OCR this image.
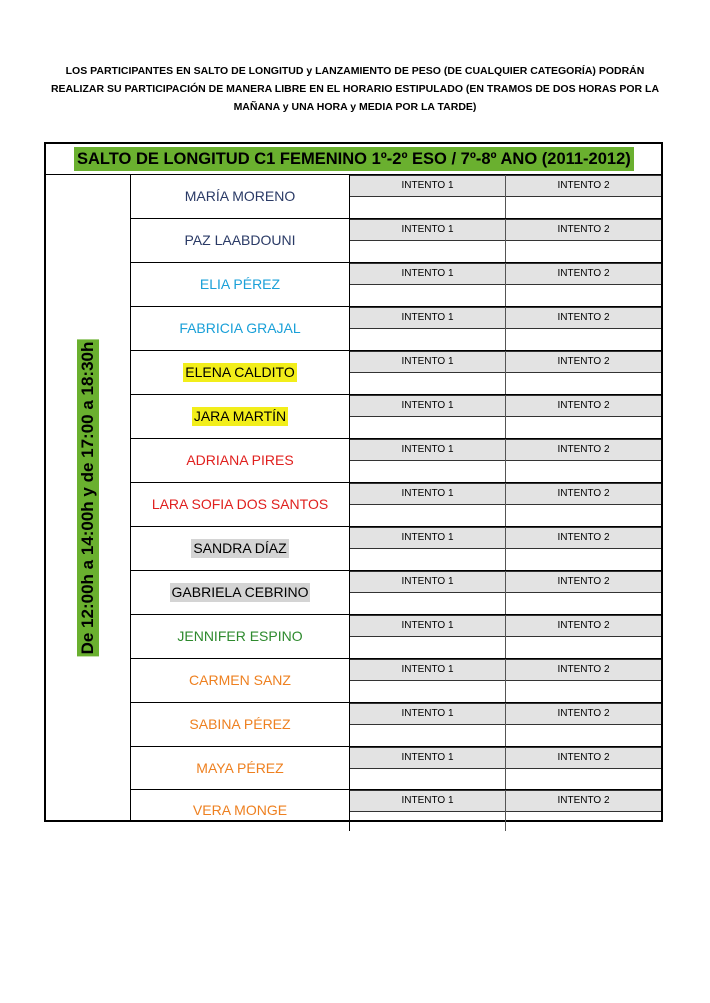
LOS PARTICIPANTES EN SALTO DE LONGITUD y LANZAMIENTO DE PESO (DE CUALQUIER CATEGORÍA) PODRÁN
REALIZAR SU PARTICIPACIÓN DE MANERA LIBRE EN EL HORARIO ESTIPULADO (EN TRAMOS DE DOS HORAS POR LA
MAÑANA y UNA HORA y MEDIA POR LA TARDE)
SALTO DE LONGITUD C1 FEMENINO 1º-2º ESO / 7º-8º ANO (2011-2012)
De 12:00h a 14:00h y de 17:00 a 18:30h
MARÍA MORENO
INTENTO 1	INTENTO 2
PAZ LAABDOUNI
INTENTO 1	INTENTO 2
ELIA PÉREZ
INTENTO 1	INTENTO 2
FABRICIA GRAJAL
INTENTO 1	INTENTO 2
ELENA CALDITO
INTENTO 1	INTENTO 2
JARA MARTÍN
INTENTO 1	INTENTO 2
ADRIANA PIRES
INTENTO 1	INTENTO 2
LARA SOFIA DOS SANTOS
INTENTO 1	INTENTO 2
SANDRA DÍAZ
INTENTO 1	INTENTO 2
GABRIELA CEBRINO
INTENTO 1	INTENTO 2
JENNIFER ESPINO
INTENTO 1	INTENTO 2
CARMEN SANZ
INTENTO 1	INTENTO 2
SABINA PÉREZ
INTENTO 1	INTENTO 2
MAYA PÉREZ
INTENTO 1	INTENTO 2
VERA MONGE
INTENTO 1	INTENTO 2
